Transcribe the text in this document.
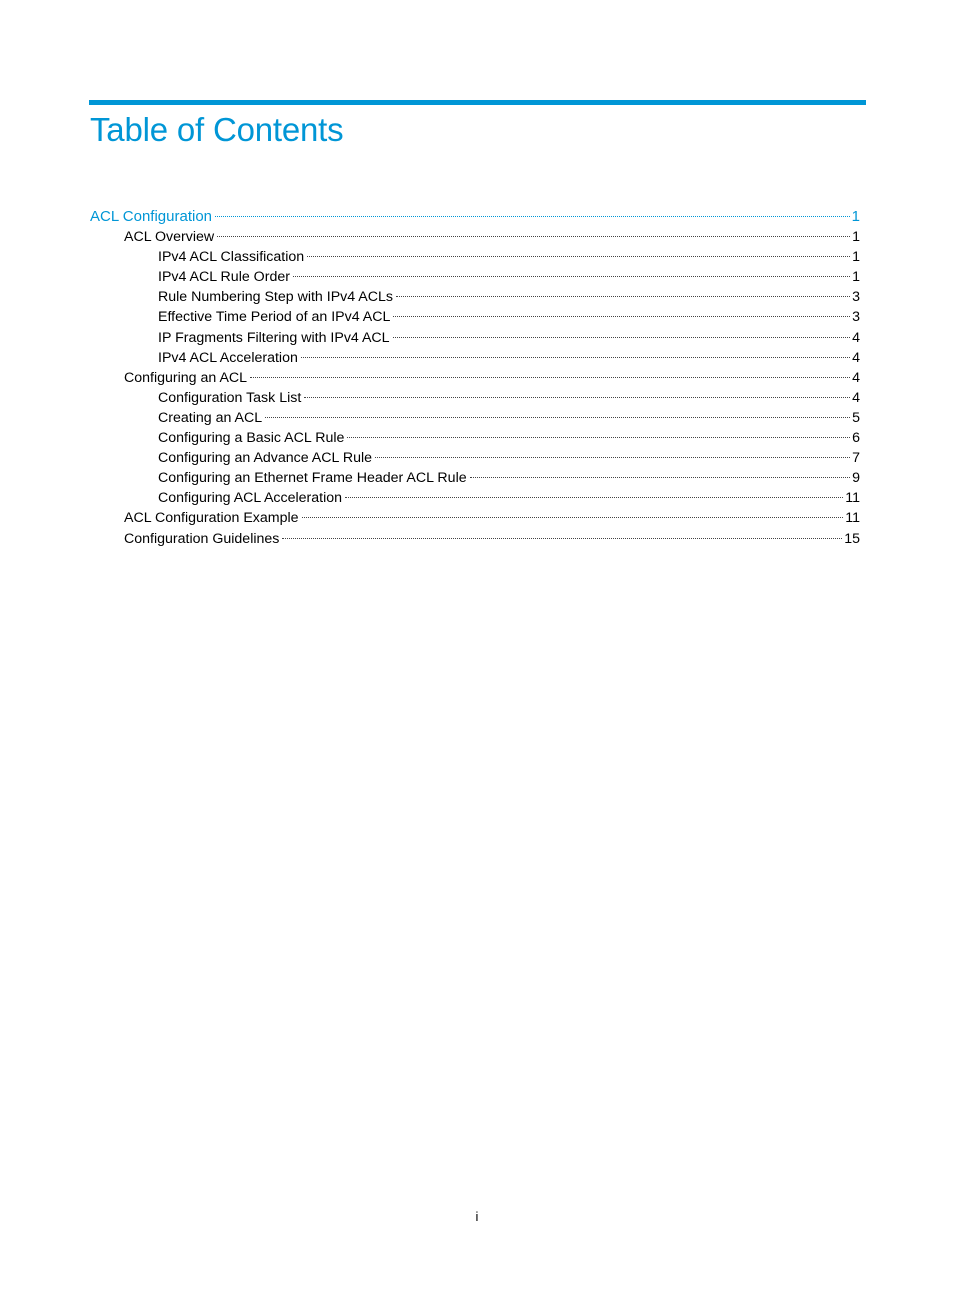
Table of Contents
ACL Configuration	1
ACL Overview	1
IPv4 ACL Classification	1
IPv4 ACL Rule Order	1
Rule Numbering Step with IPv4 ACLs	3
Effective Time Period of an IPv4 ACL	3
IP Fragments Filtering with IPv4 ACL	4
IPv4 ACL Acceleration	4
Configuring an ACL	4
Configuration Task List	4
Creating an ACL	5
Configuring a Basic ACL Rule	6
Configuring an Advance ACL Rule	7
Configuring an Ethernet Frame Header ACL Rule	9
Configuring ACL Acceleration	11
ACL Configuration Example	11
Configuration Guidelines	15
i
